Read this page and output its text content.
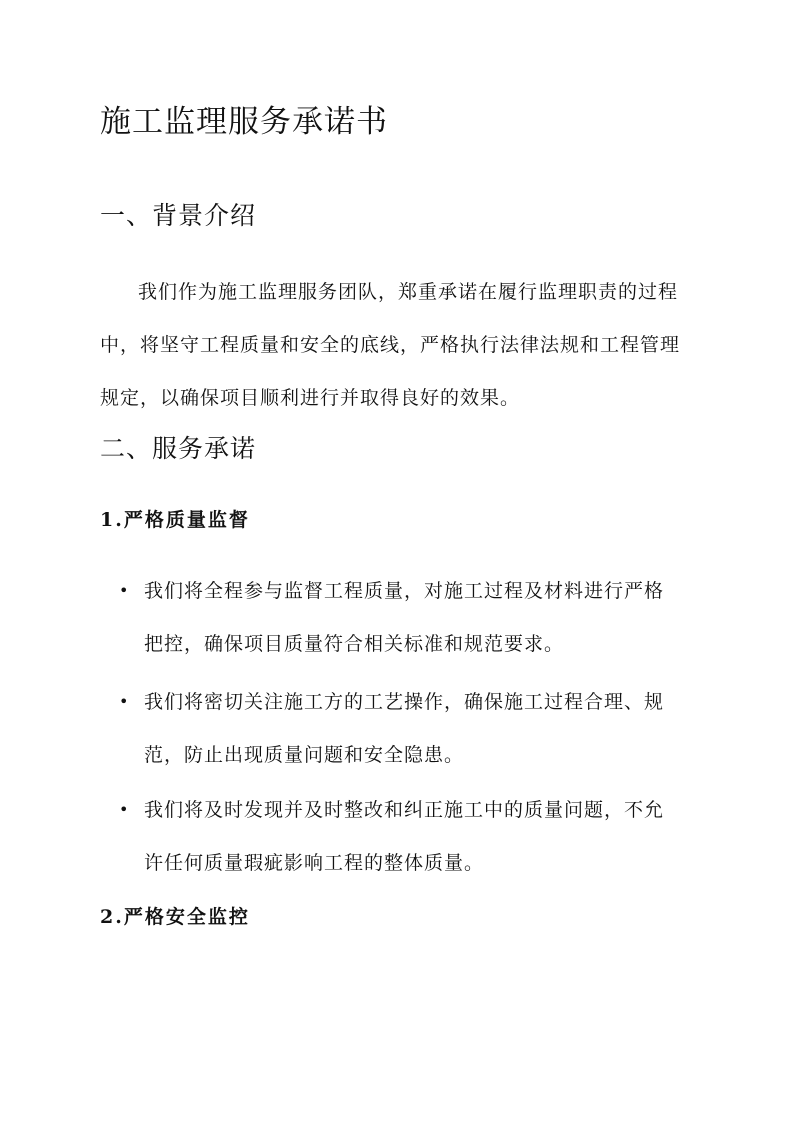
施工监理服务承诺书
一、背景介绍

我们作为施工监理服务团队，郑重承诺在履行监理职责的过程
中，将坚守工程质量和安全的底线，严格执行法律法规和工程管理
规定，以确保项目顺利进行并取得良好的效果。

二、服务承诺
1.严格质量监督
• 我们将全程参与监督工程质量，对施工过程及材料进行严格
把控，确保项目质量符合相关标准和规范要求。
• 我们将密切关注施工方的工艺操作，确保施工过程合理、规
范，防止出现质量问题和安全隐患。
• 我们将及时发现并及时整改和纠正施工中的质量问题，不允
许任何质量瑕疵影响工程的整体质量。
2.严格安全监控
